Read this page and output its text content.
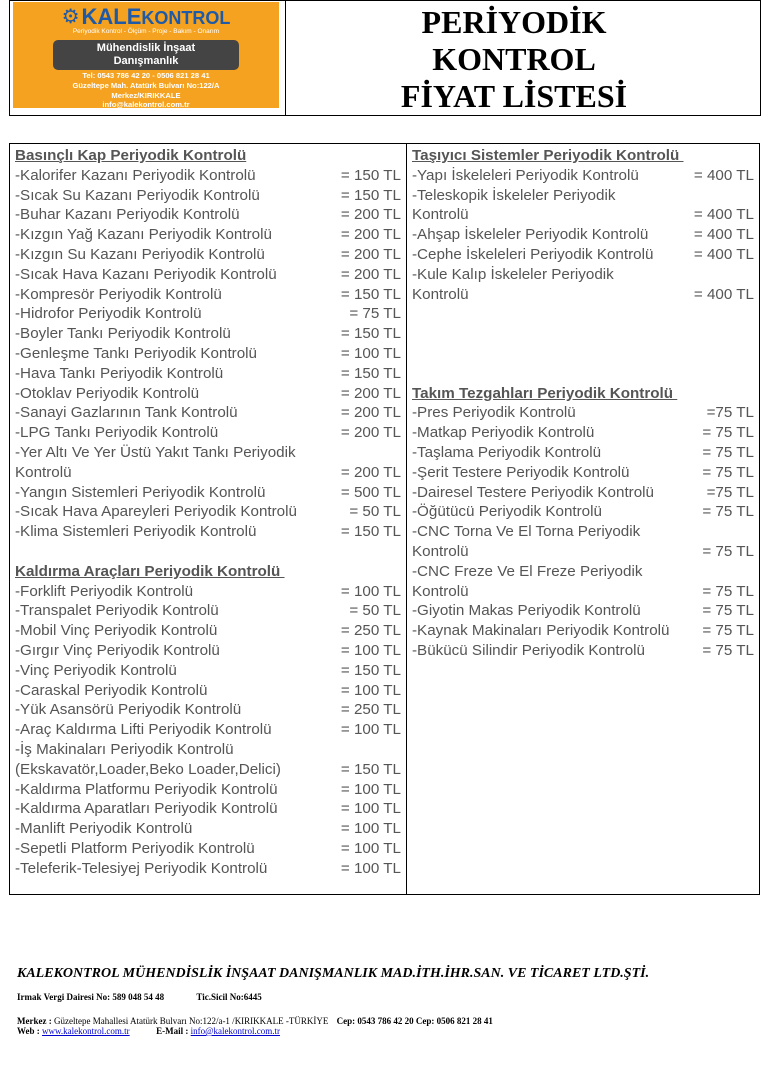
⚙KALEKONTROL
Periyodik Kontrol - Ölçüm - Proje - Bakım - Onarım
Mühendislik İnşaat
Danışmanlık
Tel: 0543 786 42 20 - 0506 821 28 41
Güzeltepe Mah. Atatürk Bulvarı No:122/A
Merkez/KIRIKKALE
info@kalekontrol.com.tr
PERİYODİK
KONTROL
FİYAT LİSTESİ
Basınçlı Kap Periyodik Kontrolü
-Kalorifer Kazanı Periyodik Kontrolü	= 150 TL
-Sıcak Su Kazanı Periyodik Kontrolü	= 150 TL
-Buhar Kazanı Periyodik Kontrolü	= 200 TL
-Kızgın Yağ Kazanı Periyodik Kontrolü	= 200 TL
-Kızgın Su Kazanı Periyodik Kontrolü	= 200 TL
-Sıcak Hava Kazanı Periyodik Kontrolü	= 200 TL
-Kompresör Periyodik Kontrolü	= 150 TL
-Hidrofor Periyodik Kontrolü	= 75 TL
-Boyler Tankı Periyodik Kontrolü	= 150 TL
-Genleşme Tankı Periyodik Kontrolü	= 100 TL
-Hava Tankı Periyodik Kontrolü	= 150 TL
-Otoklav Periyodik Kontrolü	= 200 TL
-Sanayi Gazlarının Tank Kontrolü	= 200 TL
-LPG Tankı Periyodik Kontrolü	= 200 TL
-Yer Altı Ve Yer Üstü Yakıt Tankı Periyodik
Kontrolü	= 200 TL
-Yangın Sistemleri Periyodik Kontrolü	= 500 TL
-Sıcak Hava Apareyleri Periyodik Kontrolü	= 50 TL
-Klima Sistemleri Periyodik Kontrolü	= 150 TL
Kaldırma Araçları Periyodik Kontrolü
-Forklift Periyodik Kontrolü	= 100 TL
-Transpalet Periyodik Kontrolü	= 50 TL
-Mobil Vinç Periyodik Kontrolü	= 250 TL
-Gırgır Vinç Periyodik Kontrolü	= 100 TL
-Vinç Periyodik Kontrolü	= 150 TL
-Caraskal Periyodik Kontrolü	= 100 TL
-Yük Asansörü Periyodik Kontrolü	= 250 TL
-Araç Kaldırma Lifti Periyodik Kontrolü	= 100 TL
-İş Makinaları Periyodik Kontrolü
(Ekskavatör,Loader,Beko Loader,Delici)	= 150 TL
-Kaldırma Platformu Periyodik Kontrolü	= 100 TL
-Kaldırma Aparatları Periyodik Kontrolü	= 100 TL
-Manlift Periyodik Kontrolü	= 100 TL
-Sepetli Platform Periyodik Kontrolü	= 100 TL
-Teleferik-Telesiyej Periyodik Kontrolü	= 100 TL
Taşıyıcı Sistemler Periyodik Kontrolü
-Yapı İskeleleri Periyodik Kontrolü	= 400 TL
-Teleskopik İskeleler Periyodik
Kontrolü	= 400 TL
-Ahşap İskeleler Periyodik Kontrolü	= 400 TL
-Cephe İskeleleri Periyodik Kontrolü	= 400 TL
-Kule Kalıp İskeleler Periyodik
Kontrolü	= 400 TL
Takım Tezgahları Periyodik Kontrolü
-Pres Periyodik Kontrolü	=75 TL
-Matkap Periyodik Kontrolü	= 75 TL
-Taşlama Periyodik Kontrolü	= 75 TL
-Şerit Testere Periyodik Kontrolü	= 75 TL
-Dairesel Testere Periyodik Kontrolü	=75 TL
-Öğütücü Periyodik Kontrolü	= 75 TL
-CNC Torna Ve El Torna Periyodik
Kontrolü	= 75 TL
-CNC Freze Ve El Freze Periyodik
Kontrolü	= 75 TL
-Giyotin Makas Periyodik Kontrolü	= 75 TL
-Kaynak Makinaları Periyodik Kontrolü = 75 TL
-Bükücü Silindir Periyodik Kontrolü	= 75 TL
KALEKONTROL MÜHENDİSLİK İNŞAAT DANIŞMANLIK MAD.İTH.İHR.SAN. VE TİCARET LTD.ŞTİ.
Irmak Vergi Dairesi No: 589 048 54 48	Tic.Sicil No:6445
Merkez : Güzeltepe Mahallesi Atatürk Bulvarı No:122/a-1 /KIRIKKALE -TÜRKİYE Cep: 0543 786 42 20 Cep: 0506 821 28 41
Web : www.kalekontrol.com.tr	E-Mail : info@kalekontrol.com.tr
